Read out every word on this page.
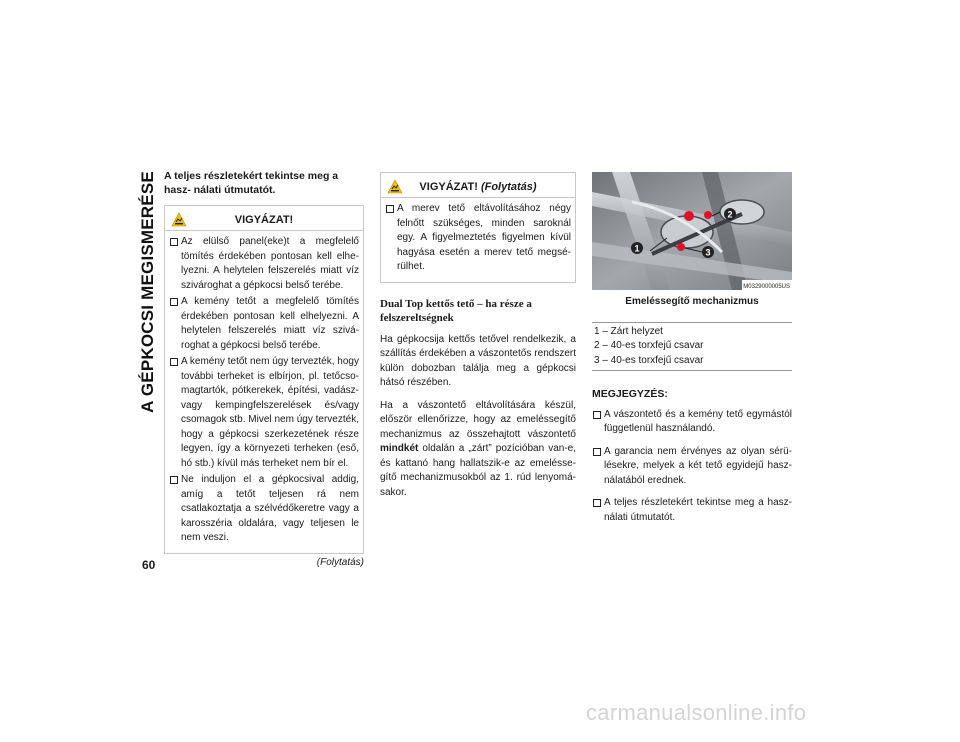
A GÉPKOCSI MEGISMERÉSE
60
A teljes részletekért tekintse meg a hasz- nálati útmutatót.
VIGYÁZAT!
Az elülső panel(eke)t a megfelelő tömítés érdekében pontosan kell elhe- lyezni. A helytelen felszerelés miatt víz szivároghat a gépkocsi belső terébe.
A kemény tetőt a megfelelő tömítés érdekében pontosan kell elhelyezni. A helytelen felszerelés miatt víz szivá- roghat a gépkocsi belső terébe.
A kemény tetőt nem úgy tervezték, hogy további terheket is elbírjon, pl. tetőcso- magtartók, pótkerekek, építési, vadász- vagy kempingfelszerelések és/vagy csomagok stb. Mivel nem úgy tervezték, hogy a gépkocsi szerkezetének része legyen, így a környezeti terheken (eső, hó stb.) kívül más terheket nem bír el.
Ne induljon el a gépkocsival addig, amíg a tetőt teljesen rá nem csatlakoztatja a szélvédőkeretre vagy a karosszéria oldalára, vagy teljesen le nem veszi.
(Folytatás)
VIGYÁZAT! (Folytatás)
A merev tető eltávolításához négy felnőtt szükséges, minden saroknál egy. A figyelmeztetés figyelmen kívül hagyása esetén a merev tető megsé- rülhet.
Dual Top kettős tető – ha része a felszereltségnek

Ha gépkocsija kettős tetővel rendelkezik, a szállítás érdekében a vászontetős rendszert külön dobozban találja meg a gépkocsi hátsó részében.

Ha a vászontető eltávolítására készül, először ellenőrizze, hogy az emeléssegítő mechanizmus az összehajtott vászontető mindkét oldalán a „zárt” pozícióban van-e, és kattanó hang hallatszik-e az emelésse- gítő mechanizmusokból az 1. rúd lenyomá- sakor.

1
2
3
M0329000005US
Emeléssegítő mechanizmus
1 – Zárt helyzet
2 – 40-es torxfejű csavar
3 – 40-es torxfejű csavar
MEGJEGYZÉS:
A vászontető és a kemény tető egymástól függetlenül használandó.
A garancia nem érvényes az olyan sérü- lésekre, melyek a két tető egyidejű hasz- nálatából erednek.
A teljes részletekért tekintse meg a hasz- nálati útmutatót.
carmanualsonline.info
